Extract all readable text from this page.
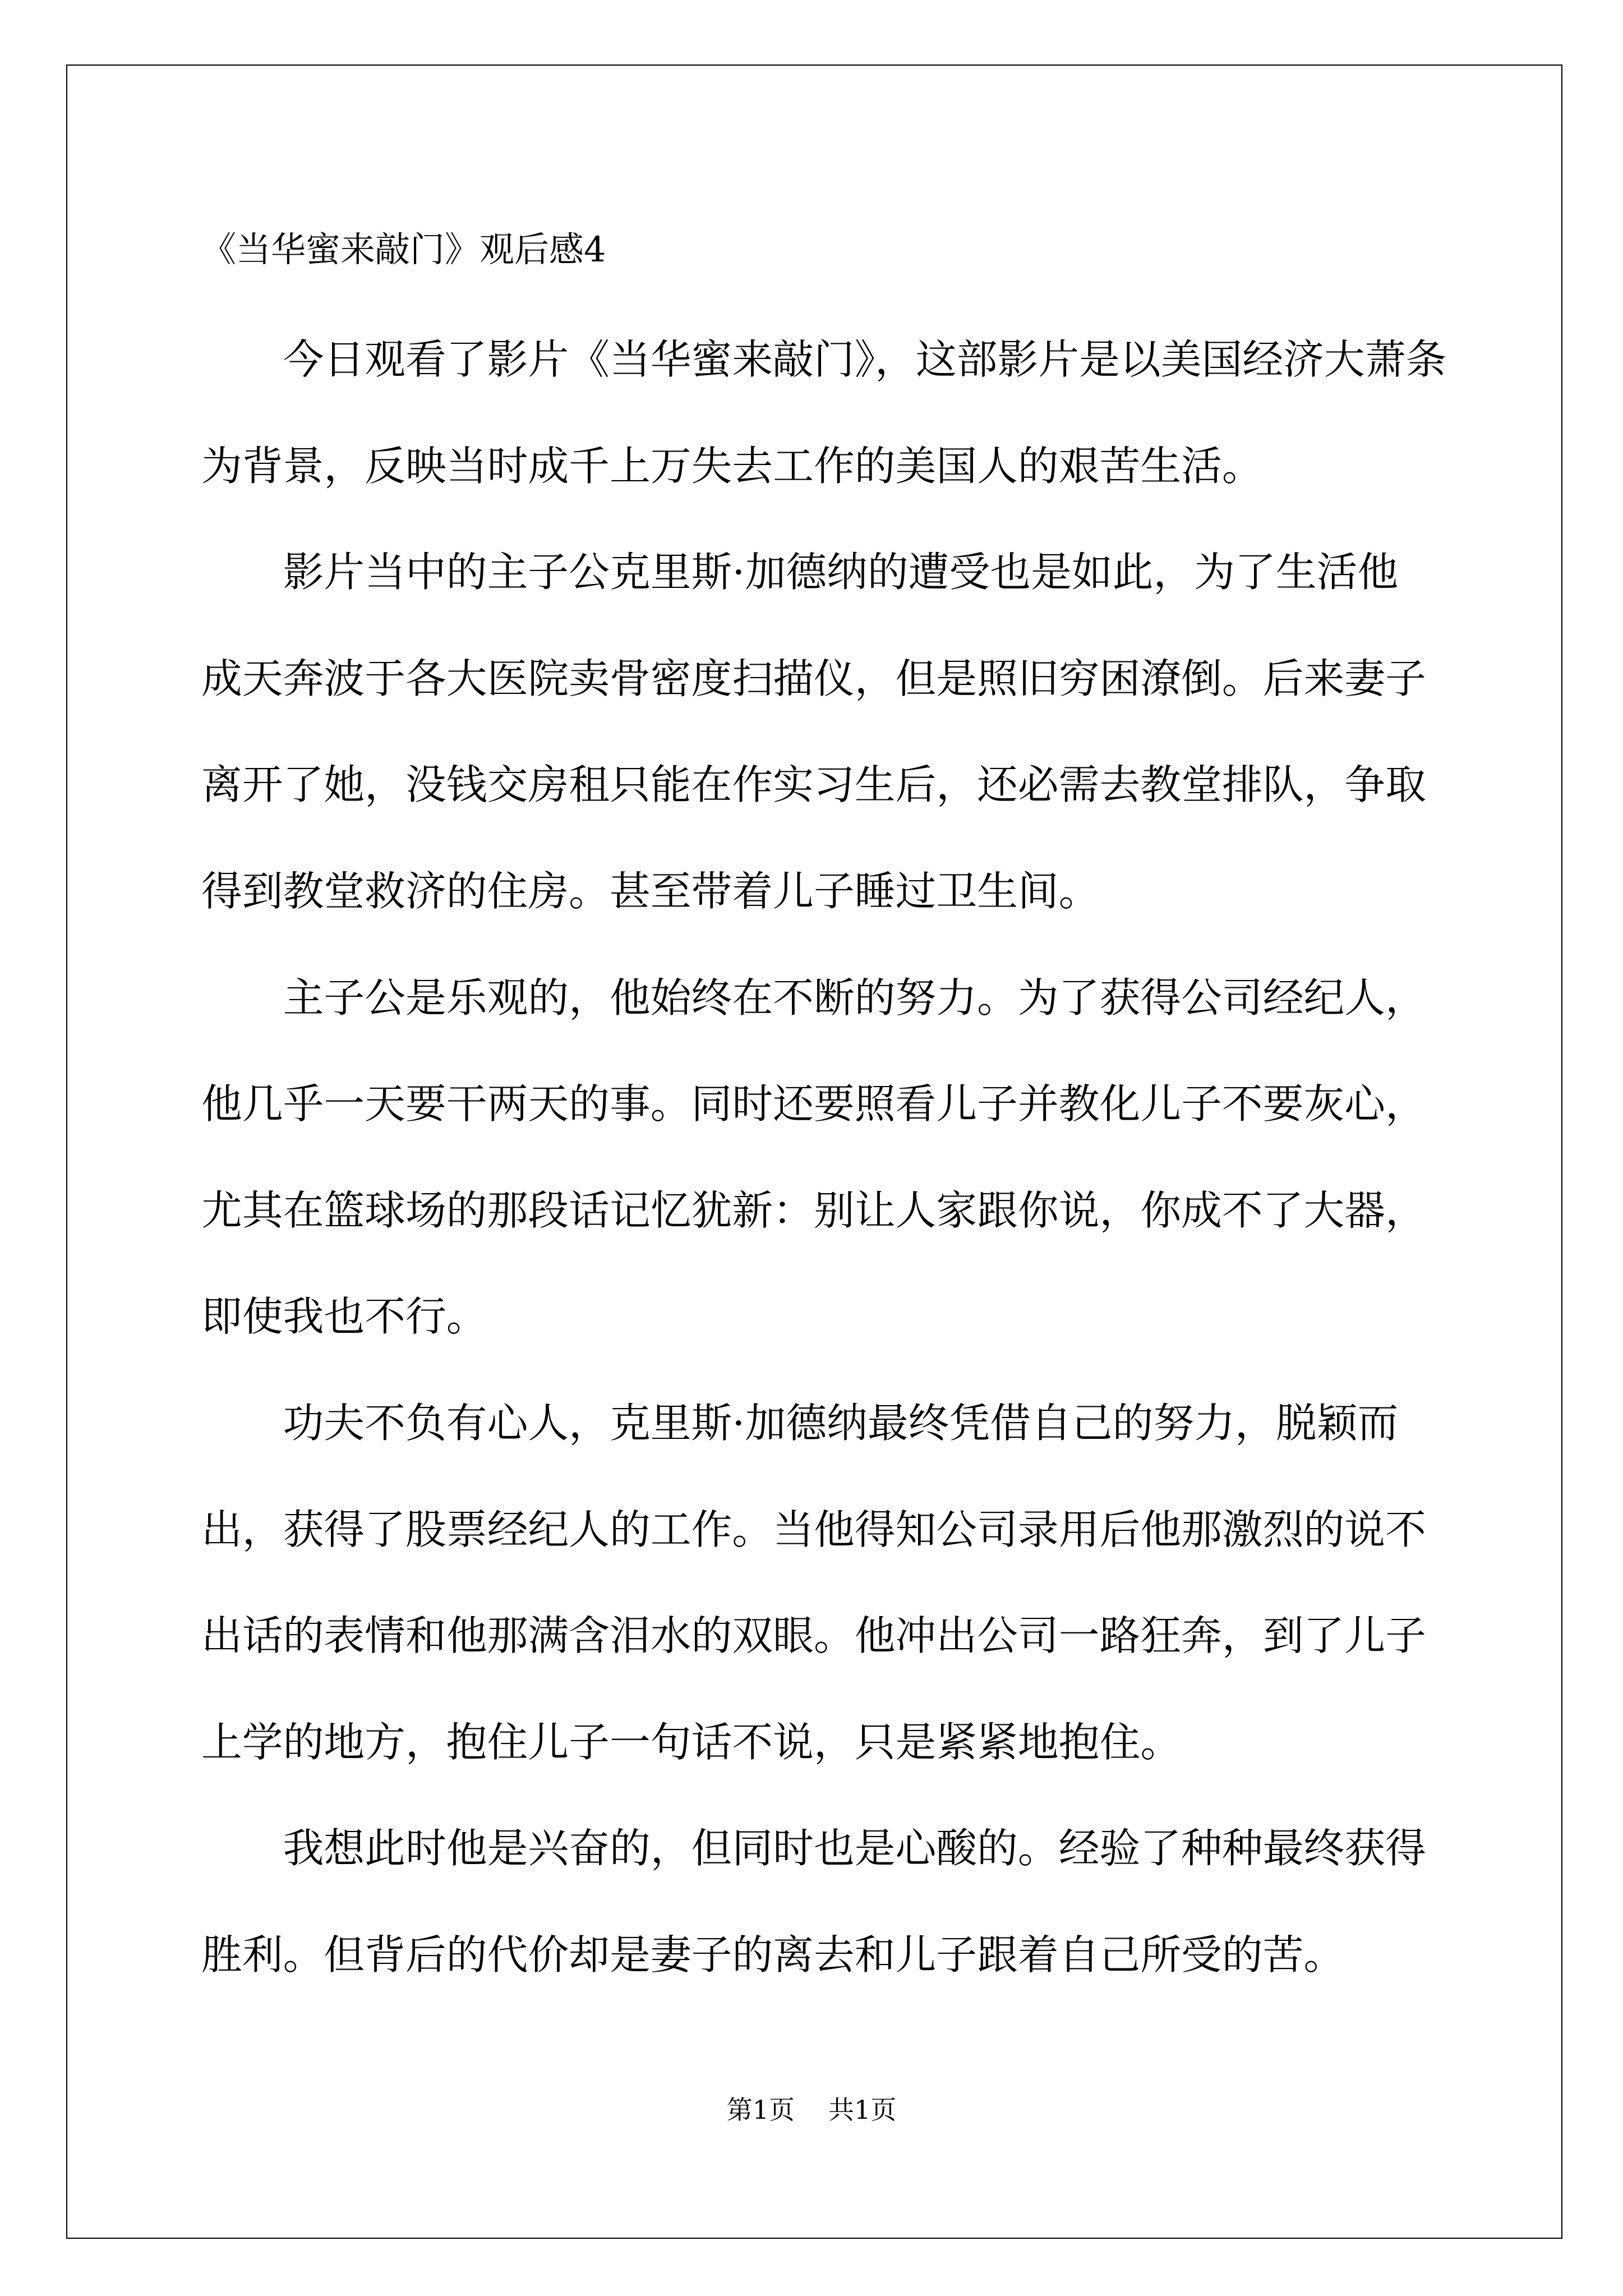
《当华蜜来敲门》观后感4
今日观看了影片《当华蜜来敲门》，这部影片是以美国经济大萧条
为背景，反映当时成千上万失去工作的美国人的艰苦生活。
影片当中的主子公克里斯·加德纳的遭受也是如此，为了生活他
成天奔波于各大医院卖骨密度扫描仪，但是照旧穷困潦倒。后来妻子
离开了她，没钱交房租只能在作实习生后，还必需去教堂排队，争取
得到教堂救济的住房。甚至带着儿子睡过卫生间。
主子公是乐观的，他始终在不断的努力。为了获得公司经纪人，
他几乎一天要干两天的事。同时还要照看儿子并教化儿子不要灰心，
尤其在篮球场的那段话记忆犹新：别让人家跟你说，你成不了大器，
即使我也不行。
功夫不负有心人，克里斯·加德纳最终凭借自己的努力，脱颖而
出，获得了股票经纪人的工作。当他得知公司录用后他那激烈的说不
出话的表情和他那满含泪水的双眼。他冲出公司一路狂奔，到了儿子
上学的地方，抱住儿子一句话不说，只是紧紧地抱住。
我想此时他是兴奋的，但同时也是心酸的。经验了种种最终获得
胜利。但背后的代价却是妻子的离去和儿子跟着自己所受的苦。
第1页 共1页
